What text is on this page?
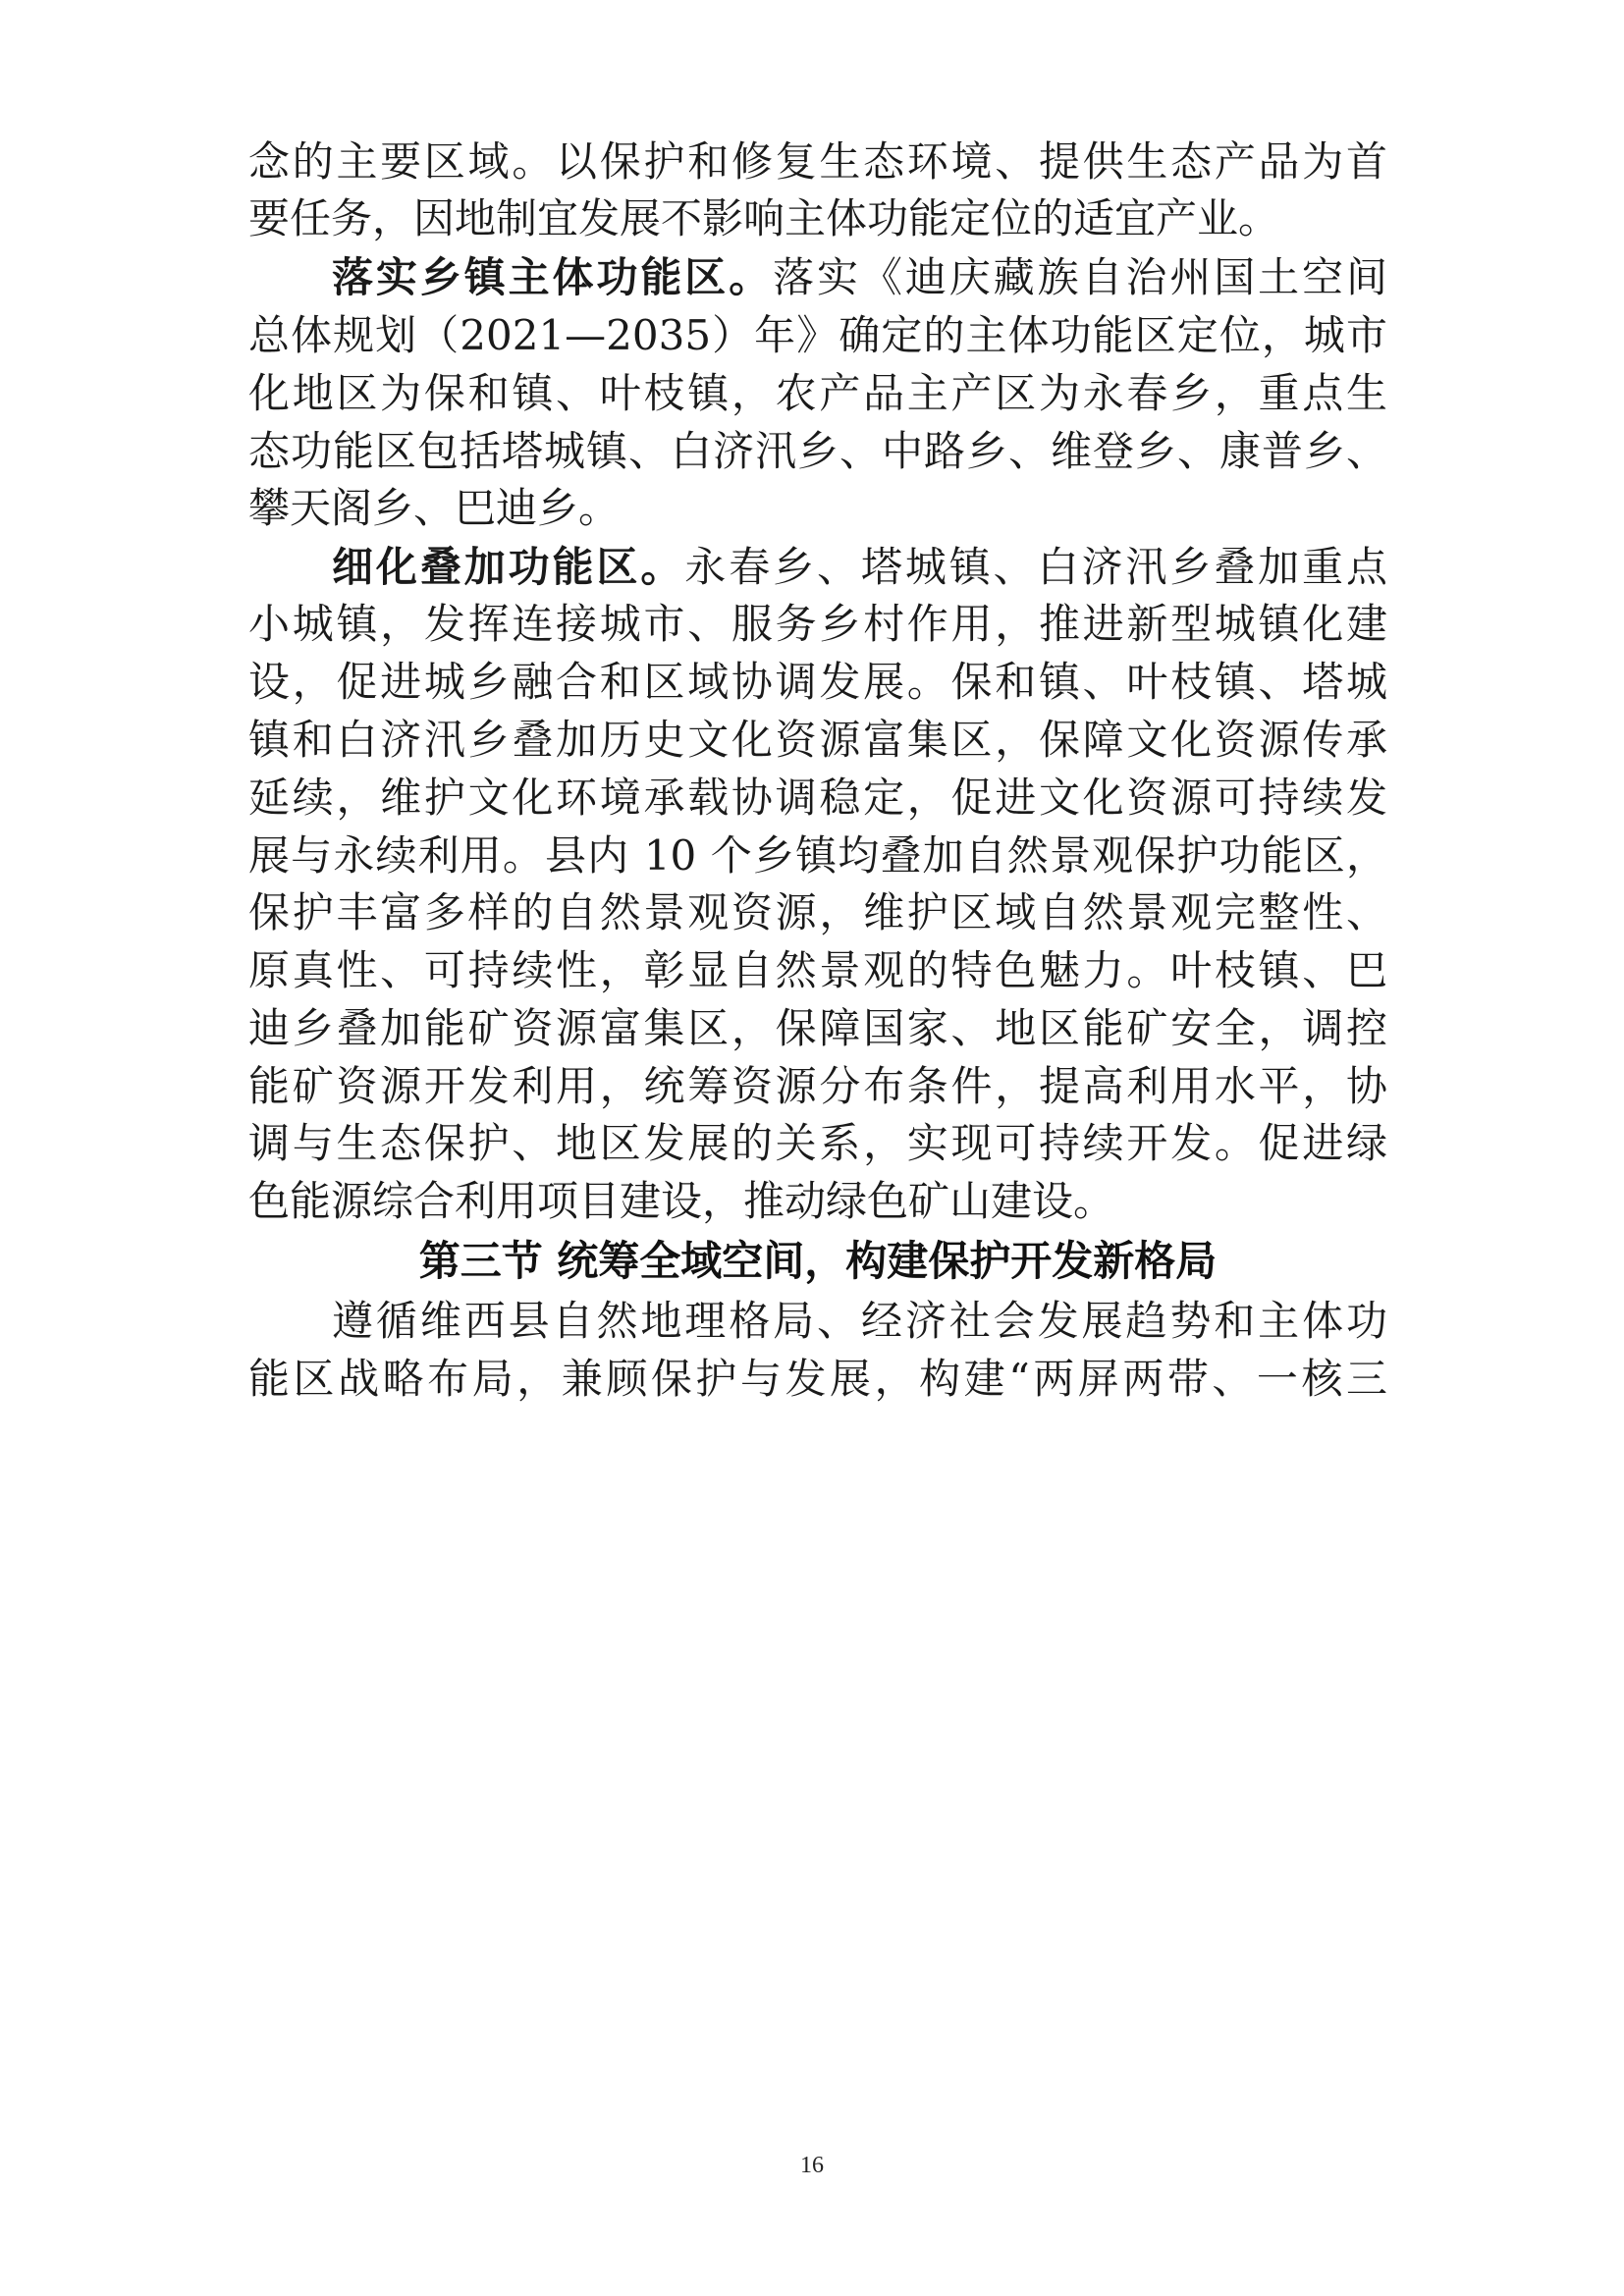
念的主要区域。以保护和修复生态环境、提供生态产品为首
要任务，因地制宜发展不影响主体功能定位的适宜产业。
落实乡镇主体功能区。落实《迪庆藏族自治州国土空间
总体规划（2021—2035）年》确定的主体功能区定位，城市
化地区为保和镇、叶枝镇，农产品主产区为永春乡，重点生
态功能区包括塔城镇、白济汛乡、中路乡、维登乡、康普乡、
攀天阁乡、巴迪乡。
细化叠加功能区。永春乡、塔城镇、白济汛乡叠加重点
小城镇，发挥连接城市、服务乡村作用，推进新型城镇化建
设，促进城乡融合和区域协调发展。保和镇、叶枝镇、塔城
镇和白济汛乡叠加历史文化资源富集区，保障文化资源传承
延续，维护文化环境承载协调稳定，促进文化资源可持续发
展与永续利用。县内 10 个乡镇均叠加自然景观保护功能区，
保护丰富多样的自然景观资源，维护区域自然景观完整性、
原真性、可持续性，彰显自然景观的特色魅力。叶枝镇、巴
迪乡叠加能矿资源富集区，保障国家、地区能矿安全，调控
能矿资源开发利用，统筹资源分布条件，提高利用水平，协
调与生态保护、地区发展的关系，实现可持续开发。促进绿
色能源综合利用项目建设，推动绿色矿山建设。
第三节 统筹全域空间，构建保护开发新格局
遵循维西县自然地理格局、经济社会发展趋势和主体功
能区战略布局，兼顾保护与发展，构建“两屏两带、一核三
16
